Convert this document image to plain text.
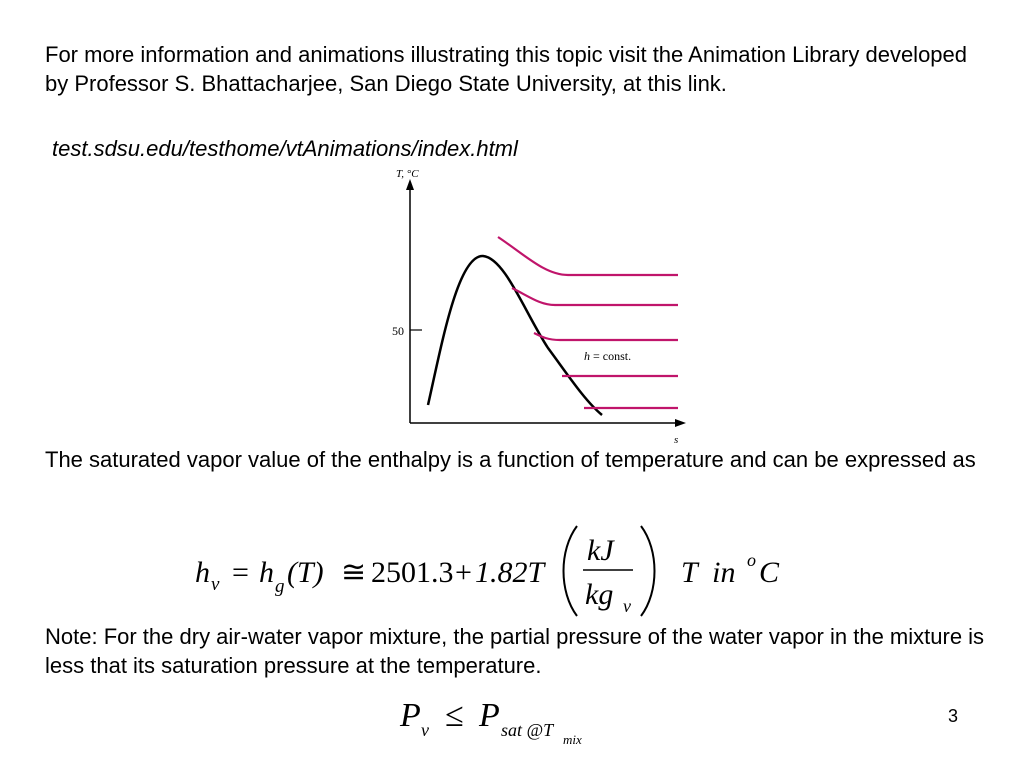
For more information and animations illustrating this topic visit the Animation Library developed by Professor S. Bhattacharjee, San Diego State University, at this link.
test.sdsu.edu/testhome/vtAnimations/index.html
50
T, °C
s
h = const.
The saturated vapor value of the enthalpy is a function of temperature and can be expressed as
h v = h g (T) ≅ 2501.3 + 1.82T
kJ
kg v
T  in o C
Note: For the dry air-water vapor mixture, the partial pressure of the water vapor in the mixture is less that its saturation pressure at the temperature.
P v ≤ P sat @T mix
3
